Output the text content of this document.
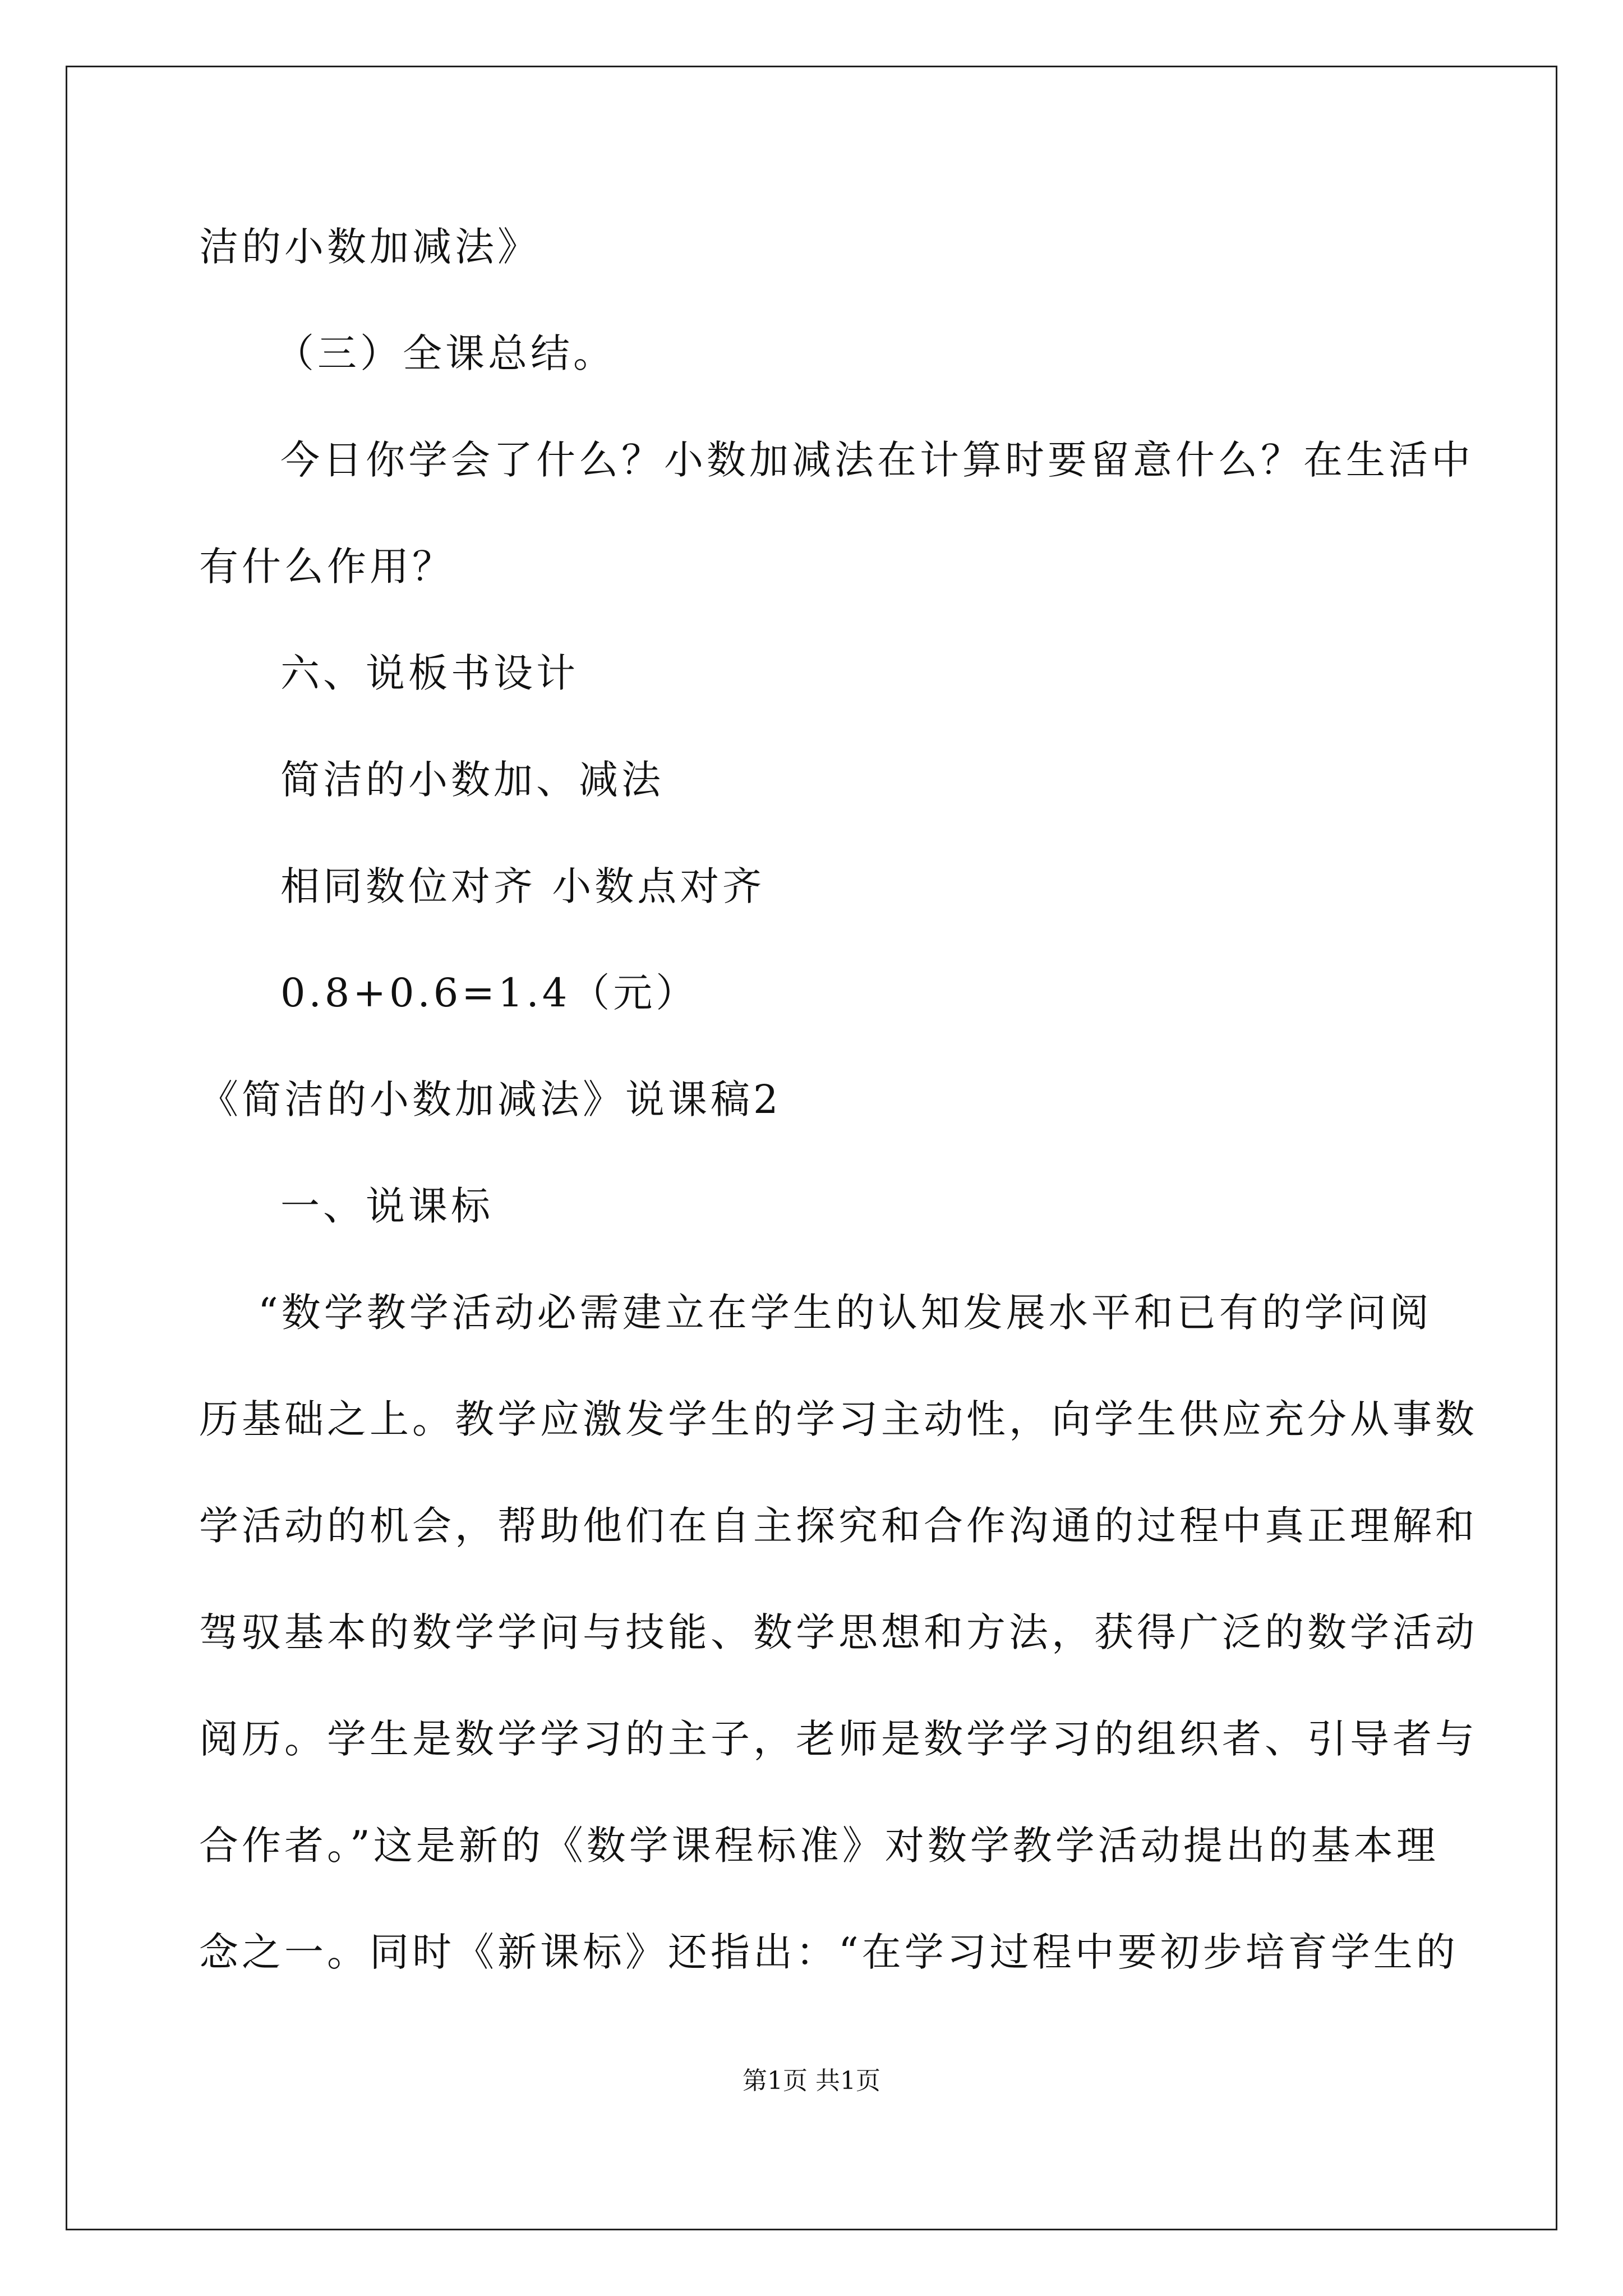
洁的小数加减法》
（三）全课总结。
今日你学会了什么？小数加减法在计算时要留意什么？在生活中
有什么作用？
六、说板书设计
简洁的小数加、减法
相同数位对齐 小数点对齐
0.8+0.6=1.4（元）
《简洁的小数加减法》说课稿2
一、说课标
“数学教学活动必需建立在学生的认知发展水平和已有的学问阅
历基础之上。教学应激发学生的学习主动性，向学生供应充分从事数
学活动的机会，帮助他们在自主探究和合作沟通的过程中真正理解和
驾驭基本的数学学问与技能、数学思想和方法，获得广泛的数学活动
阅历。学生是数学学习的主子，老师是数学学习的组织者、引导者与
合作者。”这是新的《数学课程标准》对数学教学活动提出的基本理
念之一。同时《新课标》还指出：“在学习过程中要初步培育学生的
第1页 共1页
